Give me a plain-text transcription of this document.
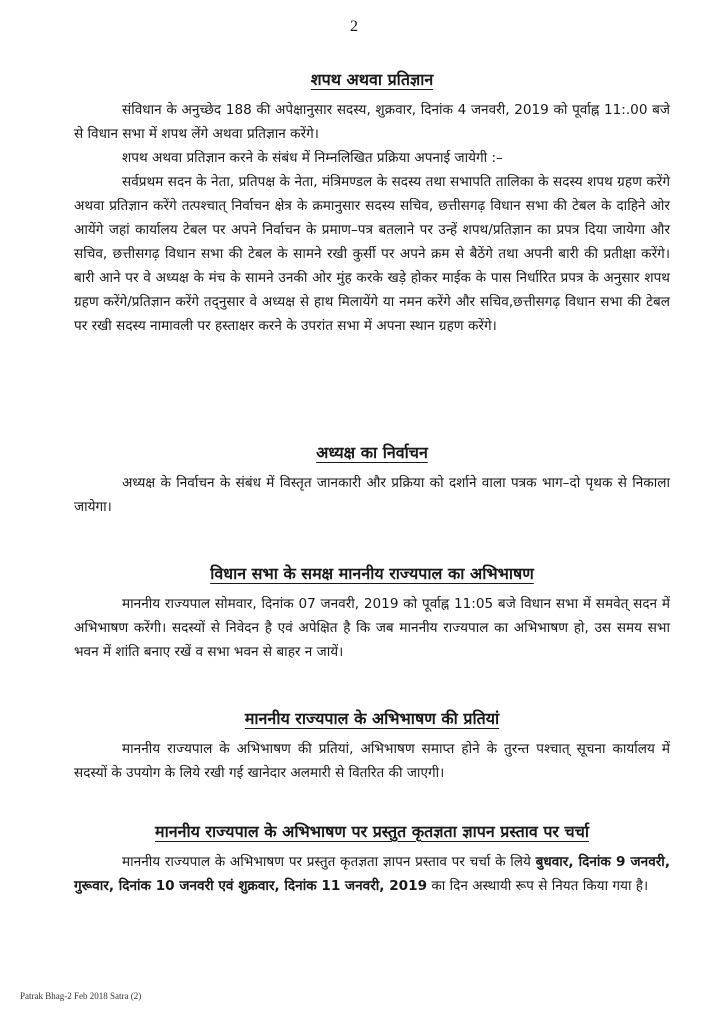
2
शपथ अथवा प्रतिज्ञान

संविधान के अनुच्छेद 188 की अपेक्षानुसार सदस्य, शुक्रवार, दिनांक 4 जनवरी, 2019 को पूर्वाह्न 11:.00 बजे से विधान सभा में शपथ लेंगे अथवा प्रतिज्ञान करेंगे।

शपथ अथवा प्रतिज्ञान करने के संबंध में निम्नलिखित प्रक्रिया अपनाई जायेगी :–

सर्वप्रथम सदन के नेता, प्रतिपक्ष के नेता, मंत्रिमण्डल के सदस्य तथा सभापति तालिका के सदस्य शपथ ग्रहण करेंगे अथवा प्रतिज्ञान करेंगे तत्पश्चात् निर्वाचन क्षेत्र के क्रमानुसार सदस्य सचिव, छत्तीसगढ़ विधान सभा की टेबल के दाहिने ओर आयेंगे जहां कार्यालय टेबल पर अपने निर्वाचन के प्रमाण–पत्र बतलाने पर उन्हें शपथ/प्रतिज्ञान का प्रपत्र दिया जायेगा और सचिव, छत्तीसगढ़ विधान सभा की टेबल के सामने रखी कुर्सी पर अपने क्रम से बैठेंगे तथा अपनी बारी की प्रतीक्षा करेंगे। बारी आने पर वे अध्यक्ष के मंच के सामने उनकी ओर मुंह करके खड़े होकर माईक के पास निर्धारित प्रपत्र के अनुसार शपथ ग्रहण करेंगे/प्रतिज्ञान करेंगे तद्नुसार वे अध्यक्ष से हाथ मिलायेंगे या नमन करेंगे और सचिव,छत्तीसगढ़ विधान सभा की टेबल पर रखी सदस्य नामावली पर हस्ताक्षर करने के उपरांत सभा में अपना स्थान ग्रहण करेंगे।

अध्यक्ष का निर्वाचन

अध्यक्ष के निर्वाचन के संबंध में विस्तृत जानकारी और प्रक्रिया को दर्शाने वाला पत्रक भाग–दो पृथक से निकाला जायेगा।

विधान सभा के समक्ष माननीय राज्यपाल का अभिभाषण

माननीय राज्यपाल सोमवार, दिनांक 07 जनवरी, 2019 को पूर्वाह्न 11:05 बजे विधान सभा में समवेत् सदन में अभिभाषण करेंगी। सदस्यों से निवेदन है एवं अपेक्षित है कि जब माननीय राज्यपाल का अभिभाषण हो, उस समय सभा भवन में शांति बनाए रखें व सभा भवन से बाहर न जायें।

माननीय राज्यपाल के अभिभाषण की प्रतियां

माननीय राज्यपाल के अभिभाषण की प्रतियां, अभिभाषण समाप्त होने के तुरन्त पश्चात् सूचना कार्यालय में सदस्यों के उपयोग के लिये रखी गई खानेदार अलमारी से वितरित की जाएगी।

माननीय राज्यपाल के अभिभाषण पर प्रस्तुत कृतज्ञता ज्ञापन प्रस्ताव पर चर्चा

माननीय राज्यपाल के अभिभाषण पर प्रस्तुत कृतज्ञता ज्ञापन प्रस्ताव पर चर्चा के लिये बुधवार, दिनांक 9 जनवरी, गुरूवार, दिनांक 10 जनवरी एवं शुक्रवार, दिनांक 11 जनवरी, 2019 का दिन अस्थायी रूप से नियत किया गया है।

Patrak Bhag-2 Feb 2018 Satra (2)
